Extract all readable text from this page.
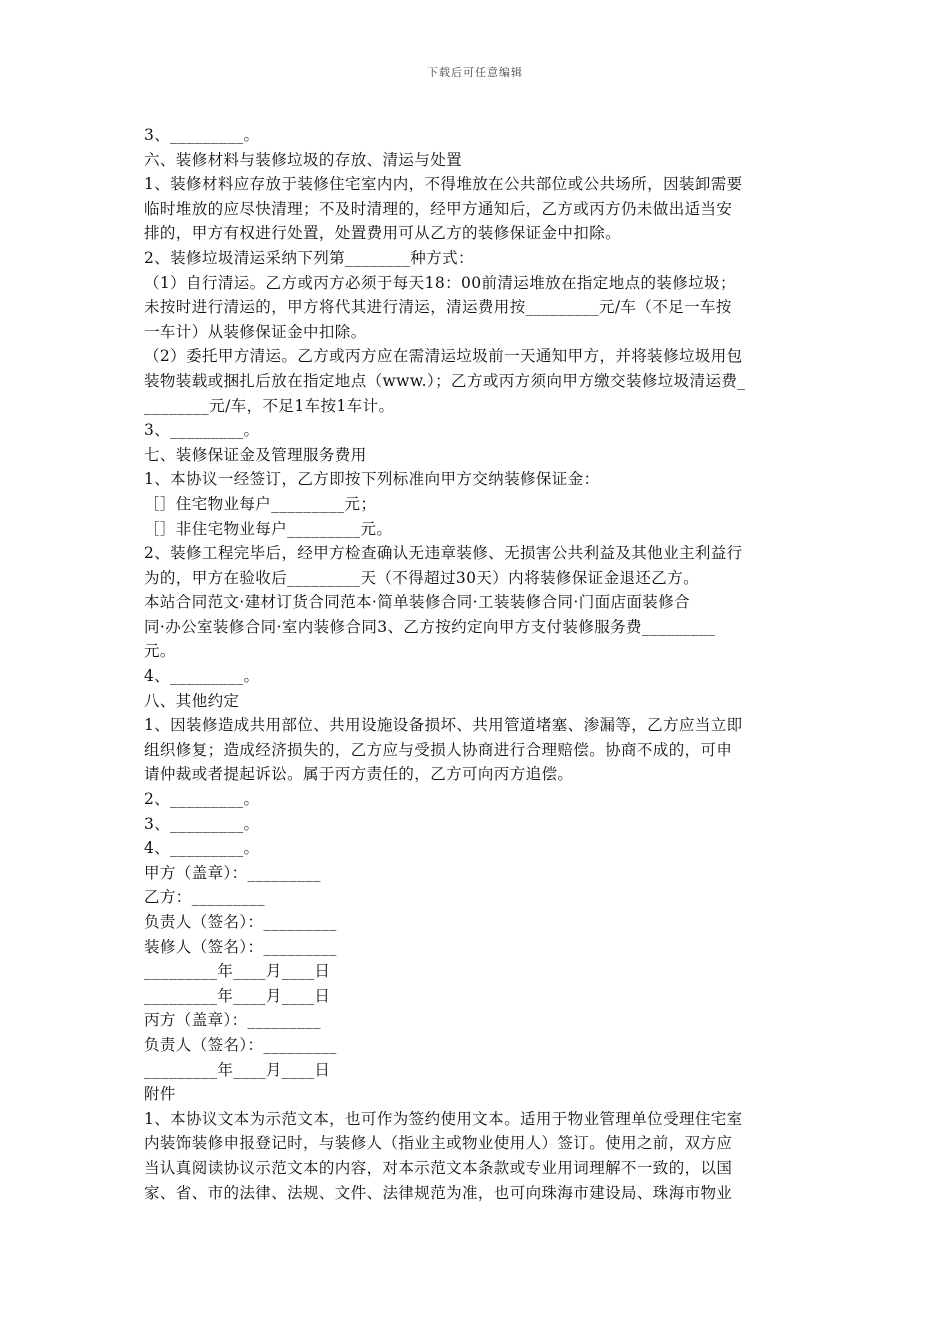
下载后可任意编辑
3、_________。
六、装修材料与装修垃圾的存放、清运与处置
1、装修材料应存放于装修住宅室内内，不得堆放在公共部位或公共场所，因装卸需要
临时堆放的应尽快清理；不及时清理的，经甲方通知后，乙方或丙方仍未做出适当安
排的，甲方有权进行处置，处置费用可从乙方的装修保证金中扣除。
2、装修垃圾清运采纳下列第________种方式：
（1）自行清运。乙方或丙方必须于每天18：00前清运堆放在指定地点的装修垃圾；
未按时进行清运的，甲方将代其进行清运，清运费用按_________元/车（不足一车按
一车计）从装修保证金中扣除。
（2）委托甲方清运。乙方或丙方应在需清运垃圾前一天通知甲方，并将装修垃圾用包
装物装载或捆扎后放在指定地点（www.）；乙方或丙方须向甲方缴交装修垃圾清运费_
________元/车，不足1车按1车计。
3、_________。
七、装修保证金及管理服务费用
1、本协议一经签订，乙方即按下列标准向甲方交纳装修保证金：
［］住宅物业每户_________元；
［］非住宅物业每户_________元。
2、装修工程完毕后，经甲方检查确认无违章装修、无损害公共利益及其他业主利益行
为的，甲方在验收后_________天（不得超过30天）内将装修保证金退还乙方。
本站合同范文·建材订货合同范本·简单装修合同·工装装修合同·门面店面装修合
同·办公室装修合同·室内装修合同3、乙方按约定向甲方支付装修服务费_________
元。
4、_________。
八、其他约定
1、因装修造成共用部位、共用设施设备损坏、共用管道堵塞、渗漏等，乙方应当立即
组织修复；造成经济损失的，乙方应与受损人协商进行合理赔偿。协商不成的，可申
请仲裁或者提起诉讼。属于丙方责任的，乙方可向丙方追偿。
2、_________。
3、_________。
4、_________。
甲方（盖章）：_________
乙方：_________
负责人（签名）：_________
装修人（签名）：_________
_________年____月____日
_________年____月____日
丙方（盖章）：_________
负责人（签名）：_________
_________年____月____日
附件
1、本协议文本为示范文本，也可作为签约使用文本。适用于物业管理单位受理住宅室
内装饰装修申报登记时，与装修人（指业主或物业使用人）签订。使用之前，双方应
当认真阅读协议示范文本的内容，对本示范文本条款或专业用词理解不一致的，以国
家、省、市的法律、法规、文件、法律规范为准，也可向珠海市建设局、珠海市物业
